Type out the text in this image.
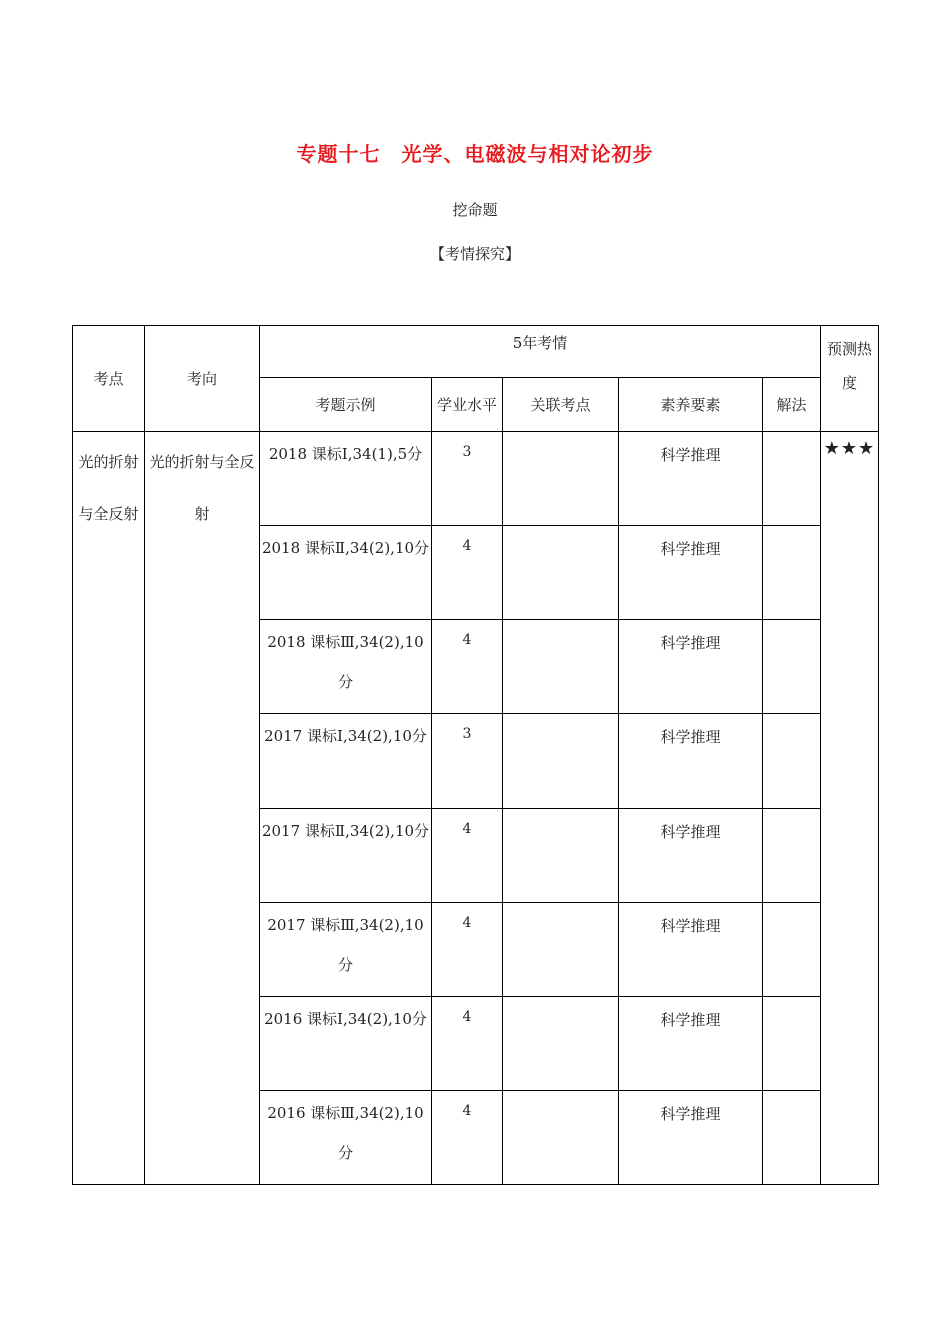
专题十七　光学、电磁波与相对论初步
挖命题
【考情探究】
考点	考向	5年考情					预测热度
		考题示例	学业水平	关联考点	素养要素	解法	
光的折射与全反射	光的折射与全反射	2018 课标Ⅰ,34(1),5分	3		科学推理		★★★
		2018 课标Ⅱ,34(2),10分	4		科学推理		
		2018 课标Ⅲ,34(2),10分	4		科学推理		
		2017 课标Ⅰ,34(2),10分	3		科学推理		
		2017 课标Ⅱ,34(2),10分	4		科学推理		
		2017 课标Ⅲ,34(2),10分	4		科学推理		
		2016 课标Ⅰ,34(2),10分	4		科学推理		
		2016 课标Ⅲ,34(2),10分	4		科学推理		
